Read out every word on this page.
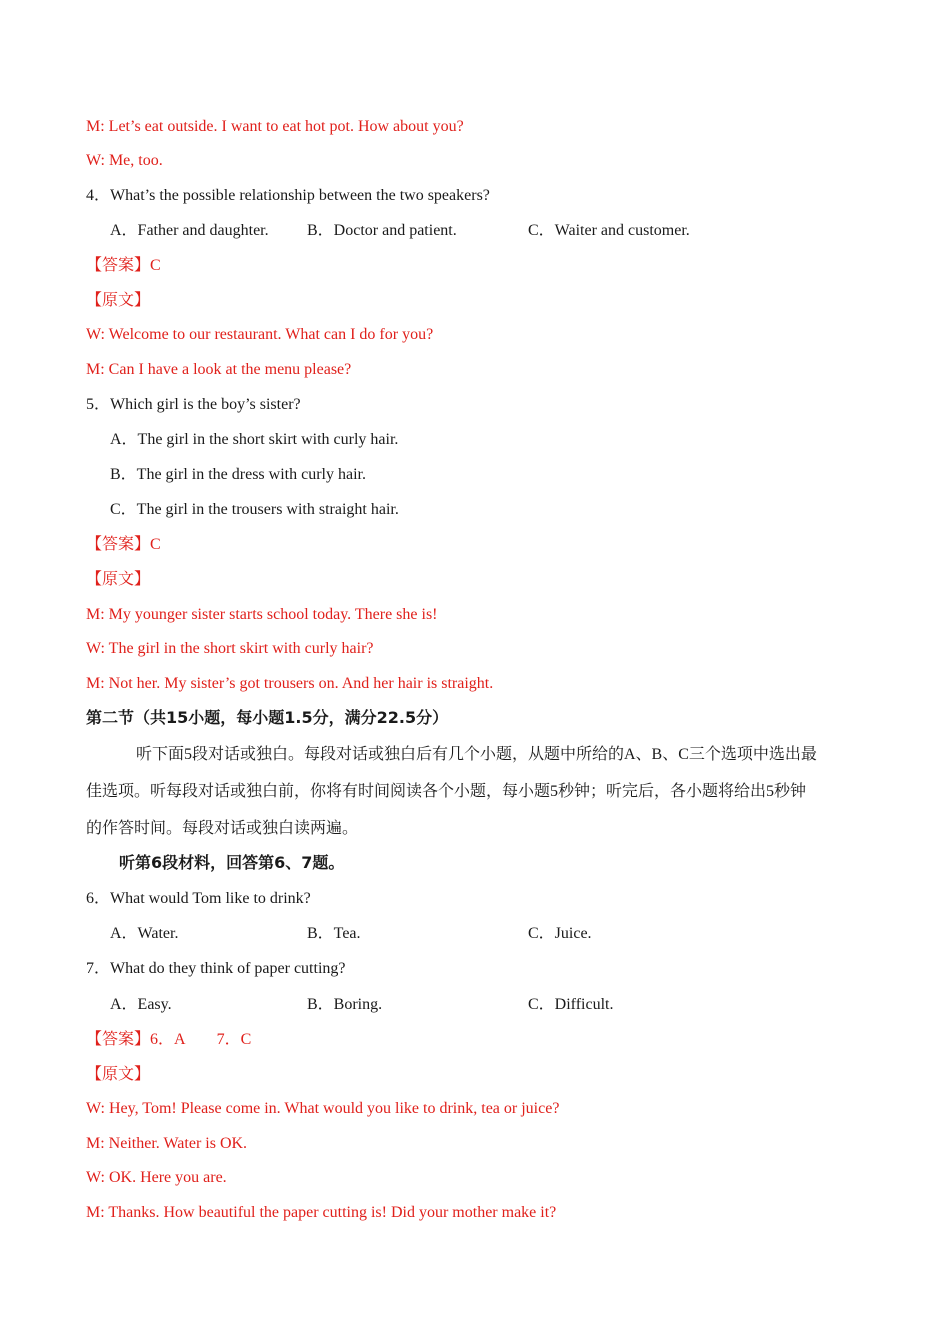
M: Let’s eat outside. I want to eat hot pot. How about you?
W: Me, too.
4．What’s the possible relationship between the two speakers?
A．Father and daughter. B．Doctor and patient.	C．Waiter and customer.
【答案】C
【原文】
W: Welcome to our restaurant. What can I do for you?
M: Can I have a look at the menu please?
5．Which girl is the boy’s sister?
A．The girl in the short skirt with curly hair.
B．The girl in the dress with curly hair.
C．The girl in the trousers with straight hair.
【答案】C
【原文】
M: My younger sister starts school today. There she is!
W: The girl in the short skirt with curly hair?
M: Not her. My sister’s got trousers on. And her hair is straight.
第二节（共15小题，每小题1.5分，满分22.5分）
听下面5段对话或独白。每段对话或独白后有几个小题，从题中所给的A、B、C三个选项中选出最
佳选项。听每段对话或独白前，你将有时间阅读各个小题，每小题5秒钟；听完后，各小题将给出5秒钟
的作答时间。每段对话或独白读两遍。
听第6段材料，回答第6、7题。
6．What would Tom like to drink?
A．Water.	B．Tea.	C．Juice.
7．What do they think of paper cutting?
A．Easy.	B．Boring.	C．Difficult.
【答案】6．A　　7．C
【原文】
W: Hey, Tom! Please come in. What would you like to drink, tea or juice?
M: Neither. Water is OK.
W: OK. Here you are.
M: Thanks. How beautiful the paper cutting is! Did your mother make it?
